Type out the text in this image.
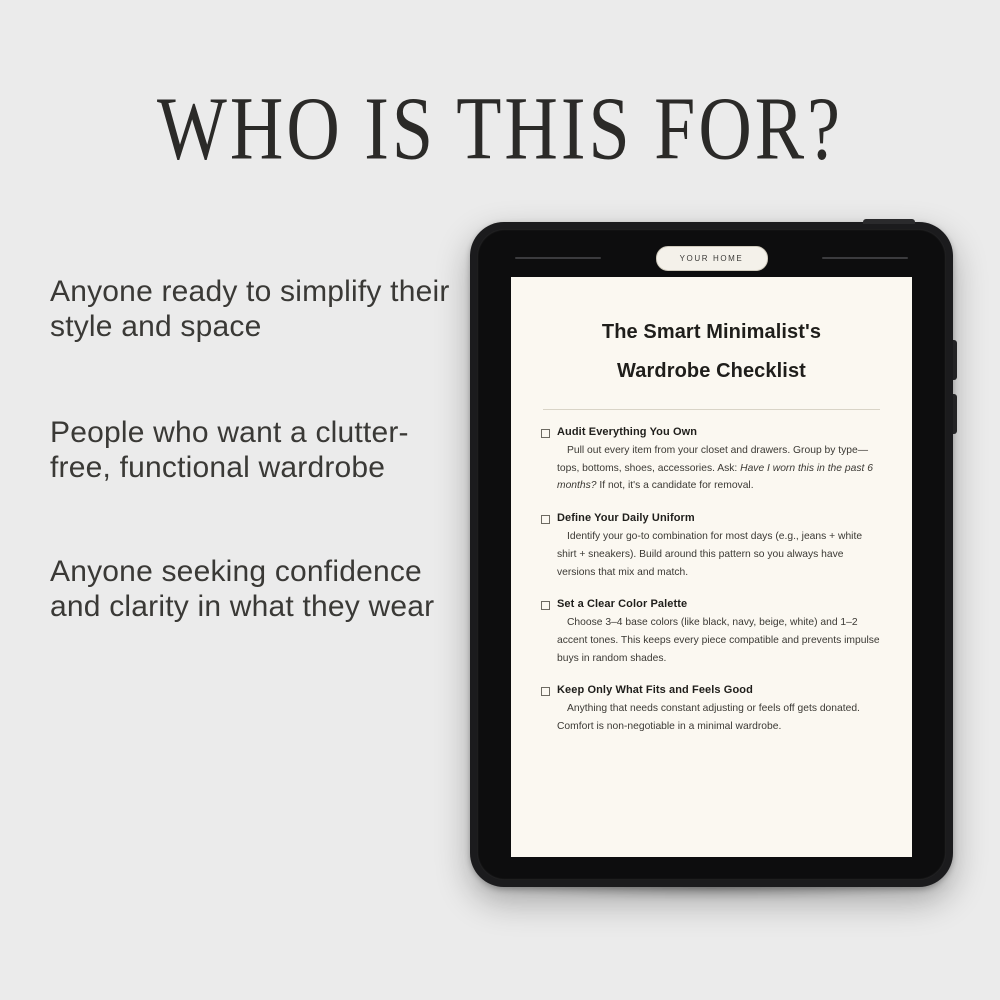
WHO IS THIS FOR?
Anyone ready to simplify their style and space
People who want a clutter-free, functional wardrobe
Anyone seeking confidence and clarity in what they wear
YOUR HOME
The Smart Minimalist's
Wardrobe Checklist
Audit Everything You Own
Pull out every item from your closet and drawers. Group by type—tops, bottoms, shoes, accessories. Ask: Have I worn this in the past 6 months? If not, it's a candidate for removal.
Define Your Daily Uniform
Identify your go-to combination for most days (e.g., jeans + white shirt + sneakers). Build around this pattern so you always have versions that mix and match.
Set a Clear Color Palette
Choose 3–4 base colors (like black, navy, beige, white) and 1–2 accent tones. This keeps every piece compatible and prevents impulse buys in random shades.
Keep Only What Fits and Feels Good
Anything that needs constant adjusting or feels off gets donated. Comfort is non-negotiable in a minimal wardrobe.
